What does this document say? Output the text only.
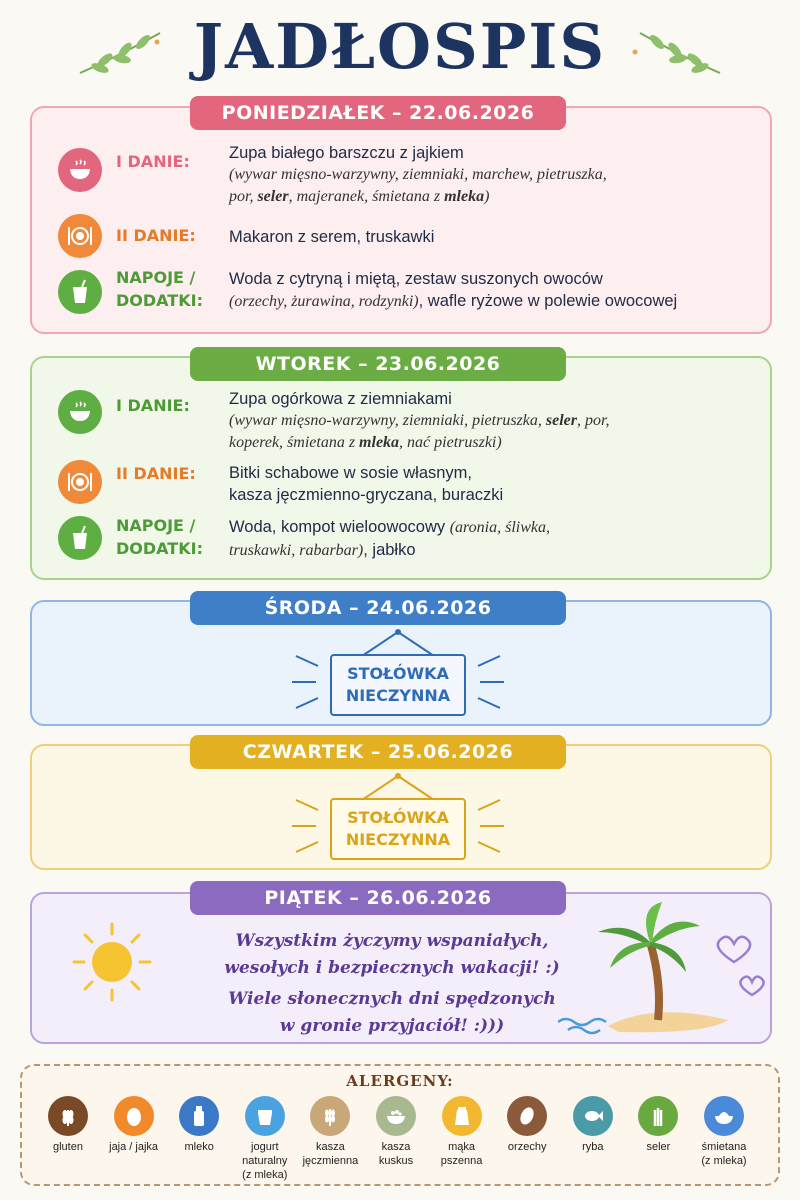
JADŁOSPIS
I DANIE: Zupa białego barszczu z jajkiem
(wywar mięsno-warzywny, ziemniaki, marchew, pietruszka,
por, seler, majeranek, śmietana z mleka)
II DANIE: Makaron z serem, truskawki
NAPOJE /
DODATKI:
Woda z cytryną i miętą, zestaw suszonych owoców
(orzechy, żurawina, rodzynki), wafle ryżowe w polewie owocowej
PONIEDZIAŁEK – 22.06.2026
I DANIE: Zupa ogórkowa z ziemniakami
(wywar mięsno-warzywny, ziemniaki, pietruszka, seler, por,
koperek, śmietana z mleka, nać pietruszki)
II DANIE: Bitki schabowe w sosie własnym,
kasza jęczmienno-gryczana, buraczki
NAPOJE /
DODATKI:
Woda, kompot wieloowocowy (aronia, śliwka,
truskawki, rabarbar), jabłko
WTOREK – 23.06.2026
STOŁÓWKA
NIECZYNNA
ŚRODA – 24.06.2026
STOŁÓWKA
NIECZYNNA
CZWARTEK – 25.06.2026
Wszystkim życzymy wspaniałych,
wesołych i bezpiecznych wakacji! :)
Wiele słonecznych dni spędzonych
w gronie przyjaciół! :)))
PIĄTEK – 26.06.2026
ALERGENY:
gluten	jaja / jajka	mleko	jogurt
naturalny
(z mleka)
kasza
jęczmienna
kasza
kuskus
mąka
pszenna
orzechy	ryba	seler	śmietana
(z mleka)
